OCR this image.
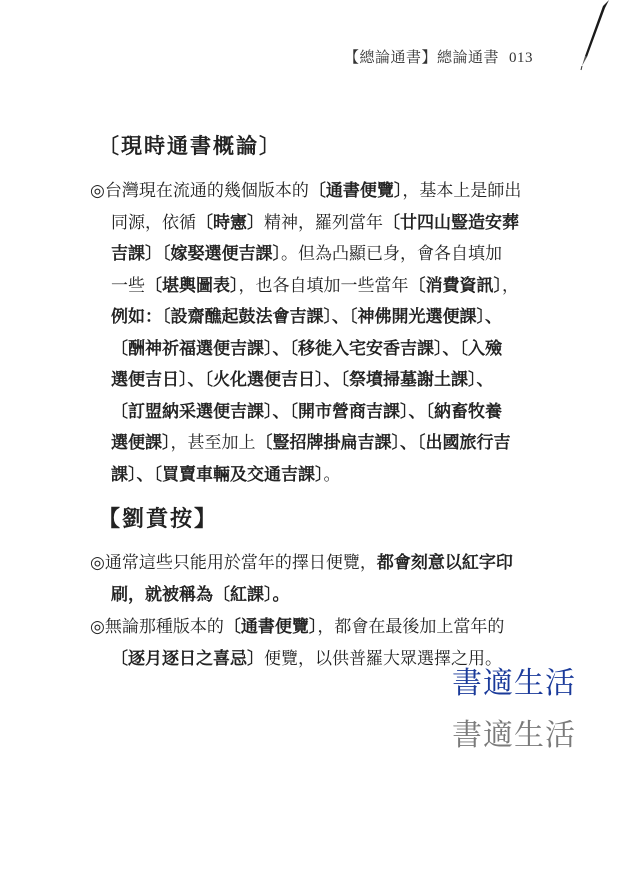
【總論通書】總論通書 013
〔現時通書概論〕
◎台灣現在流通的幾個版本的〔通書便覽〕，基本上是師出
同源，依循〔時憲〕精神，羅列當年〔廿四山豎造安葬
吉課〕〔嫁娶選便吉課〕。但為凸顯已身，會各自填加
一些〔堪輿圖表〕，也各自填加一些當年〔消費資訊〕，
例如：〔設齋醮起鼓法會吉課〕、〔神佛開光選便課〕、
〔酬神祈福選便吉課〕、〔移徙入宅安香吉課〕、〔入殮
選便吉日〕、〔火化選便吉日〕、〔祭墳掃墓謝土課〕、
〔訂盟納采選便吉課〕、〔開市營商吉課〕、〔納畜牧養
選便課〕，甚至加上〔豎招牌掛扁吉課〕、〔出國旅行吉
課〕、〔買賣車輛及交通吉課〕。
【劉賁按】
◎通常這些只能用於當年的擇日便覽，都會刻意以紅字印
刷，就被稱為〔紅課〕。
◎無論那種版本的〔通書便覽〕，都會在最後加上當年的
〔逐月逐日之喜忌〕便覽，以供普羅大眾選擇之用。
書適生活
書適生活
